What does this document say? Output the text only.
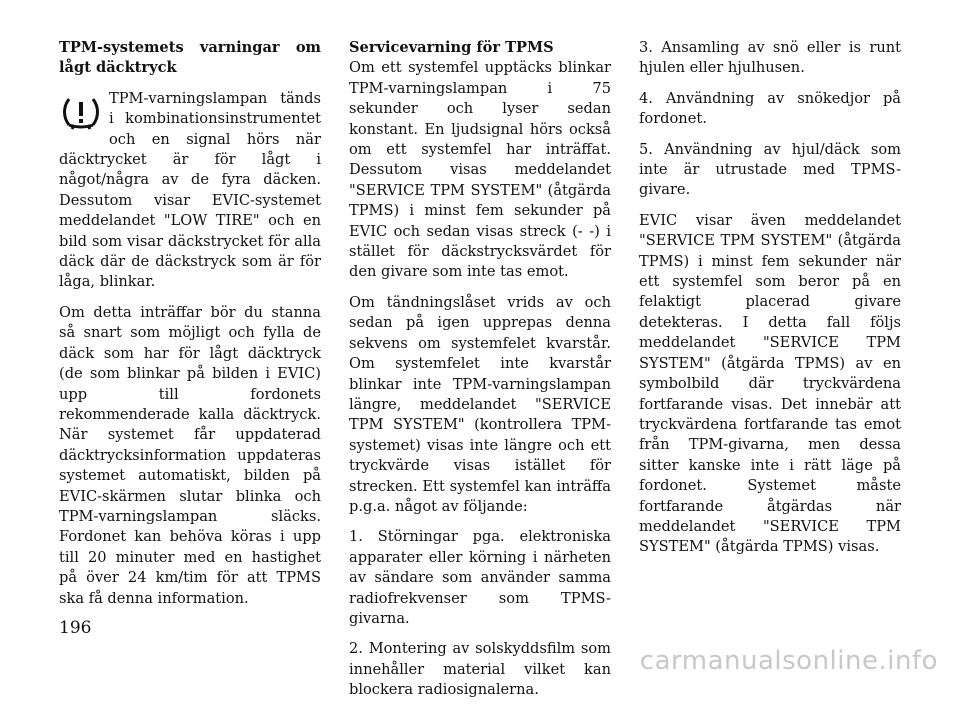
TPM-systemets varningar om lågt däcktryck

TPM-varningslampan tänds i kombinationsinstrumentet och en signal hörs när däcktrycket är för lågt i något/några av de fyra däcken. Dessutom visar EVIC-systemet meddelandet "LOW TIRE" och en bild som visar däckstrycket för alla däck där de däckstryck som är för låga, blinkar.

Om detta inträffar bör du stanna så snart som möjligt och fylla de däck som har för lågt däcktryck (de som blinkar på bilden i EVIC) upp till fordonets rekommenderade kalla däcktryck. När systemet får uppdaterad däcktrycksinformation uppdateras systemet automatiskt, bilden på EVIC-skärmen slutar blinka och TPM-varningslampan släcks. Fordonet kan behöva köras i upp till 20 minuter med en hastighet på över 24 km/tim för att TPMS ska få denna information.

Servicevarning för TPMS
Om ett systemfel upptäcks blinkar TPM-varningslampan i 75 sekunder och lyser sedan konstant. En ljudsignal hörs också om ett systemfel har inträffat. Dessutom visas meddelandet "SERVICE TPM SYSTEM" (åtgärda TPMS) i minst fem sekunder på EVIC och sedan visas streck (- -) i stället för däckstrycksvärdet för den givare som inte tas emot.

Om tändningslåset vrids av och sedan på igen upprepas denna sekvens om systemfelet kvarstår. Om systemfelet inte kvarstår blinkar inte TPM-varningslampan längre, meddelandet "SERVICE TPM SYSTEM" (kontrollera TPM-systemet) visas inte längre och ett tryckvärde visas istället för strecken. Ett systemfel kan inträffa p.g.a. något av följande:

1. Störningar pga. elektroniska apparater eller körning i närheten av sändare som använder samma radiofrekvenser som TPMS-givarna.

2. Montering av solskyddsfilm som innehåller material vilket kan blockera radiosignalerna.

3. Ansamling av snö eller is runt hjulen eller hjulhusen.

4. Användning av snökedjor på fordonet.

5. Användning av hjul/däck som inte är utrustade med TPMS-givare.

EVIC visar även meddelandet "SERVICE TPM SYSTEM" (åtgärda TPMS) i minst fem sekunder när ett systemfel som beror på en felaktigt placerad givare detekteras. I detta fall följs meddelandet "SERVICE TPM SYSTEM" (åtgärda TPMS) av en symbolbild där tryckvärdena fortfarande visas. Det innebär att tryckvärdena fortfarande tas emot från TPM-givarna, men dessa sitter kanske inte i rätt läge på fordonet. Systemet måste fortfarande åtgärdas när meddelandet "SERVICE TPM SYSTEM" (åtgärda TPMS) visas.

196
carmanualsonline.info
